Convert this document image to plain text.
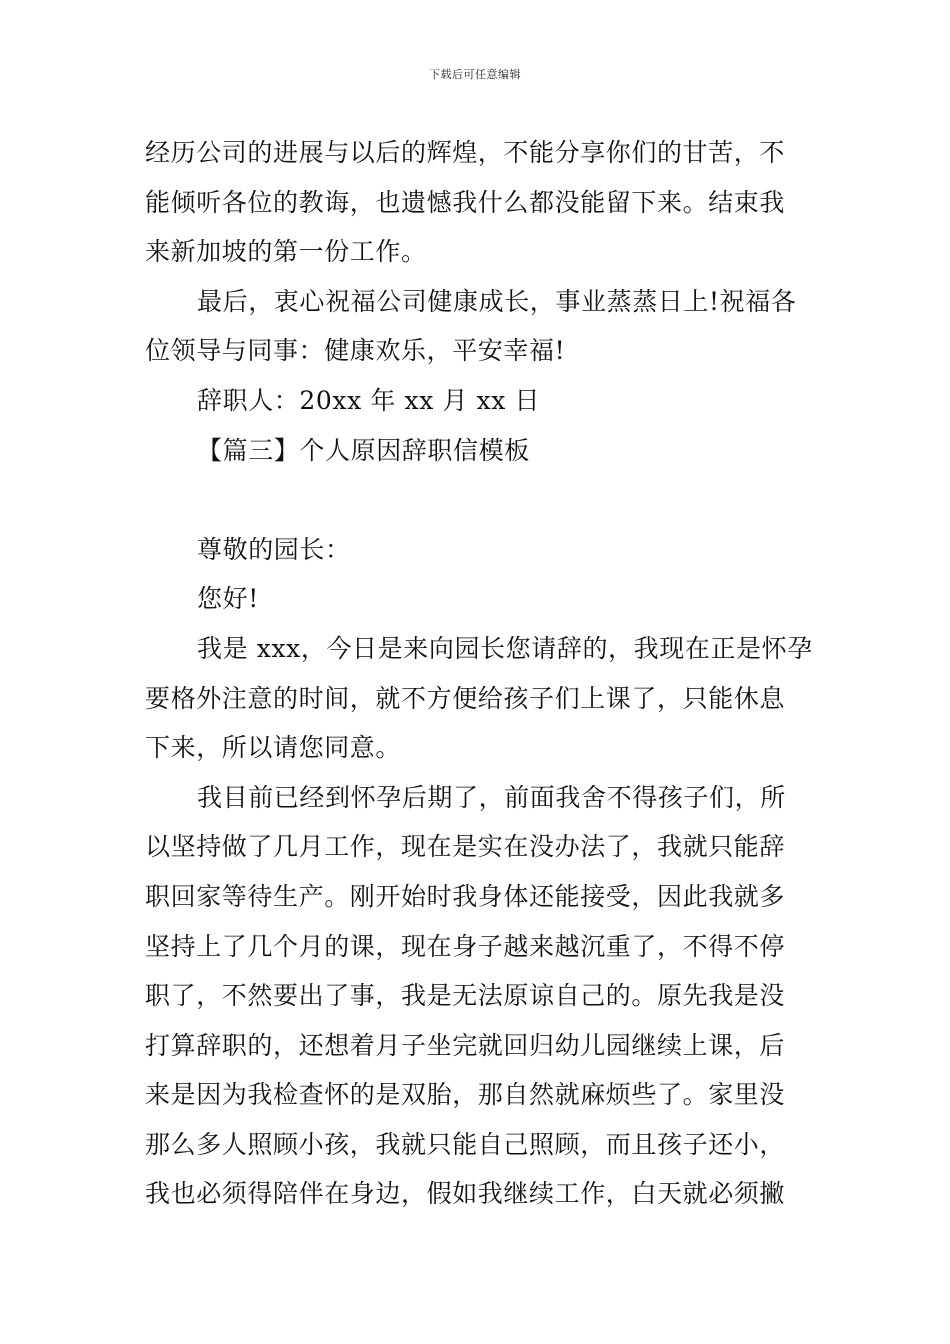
下载后可任意编辑
经历公司的进展与以后的辉煌，不能分享你们的甘苦，不
能倾听各位的教诲，也遗憾我什么都没能留下来。结束我
来新加坡的第一份工作。
最后，衷心祝福公司健康成长，事业蒸蒸日上!祝福各
位领导与同事：健康欢乐，平安幸福!
辞职人：20xx 年 xx 月 xx 日
【篇三】个人原因辞职信模板
尊敬的园长：
您好!
我是 xxx，今日是来向园长您请辞的，我现在正是怀孕
要格外注意的时间，就不方便给孩子们上课了，只能休息
下来，所以请您同意。
我目前已经到怀孕后期了，前面我舍不得孩子们，所
以坚持做了几月工作，现在是实在没办法了，我就只能辞
职回家等待生产。刚开始时我身体还能接受，因此我就多
坚持上了几个月的课，现在身子越来越沉重了，不得不停
职了，不然要出了事，我是无法原谅自己的。原先我是没
打算辞职的，还想着月子坐完就回归幼儿园继续上课，后
来是因为我检查怀的是双胎，那自然就麻烦些了。家里没
那么多人照顾小孩，我就只能自己照顾，而且孩子还小，
我也必须得陪伴在身边，假如我继续工作，白天就必须撇
